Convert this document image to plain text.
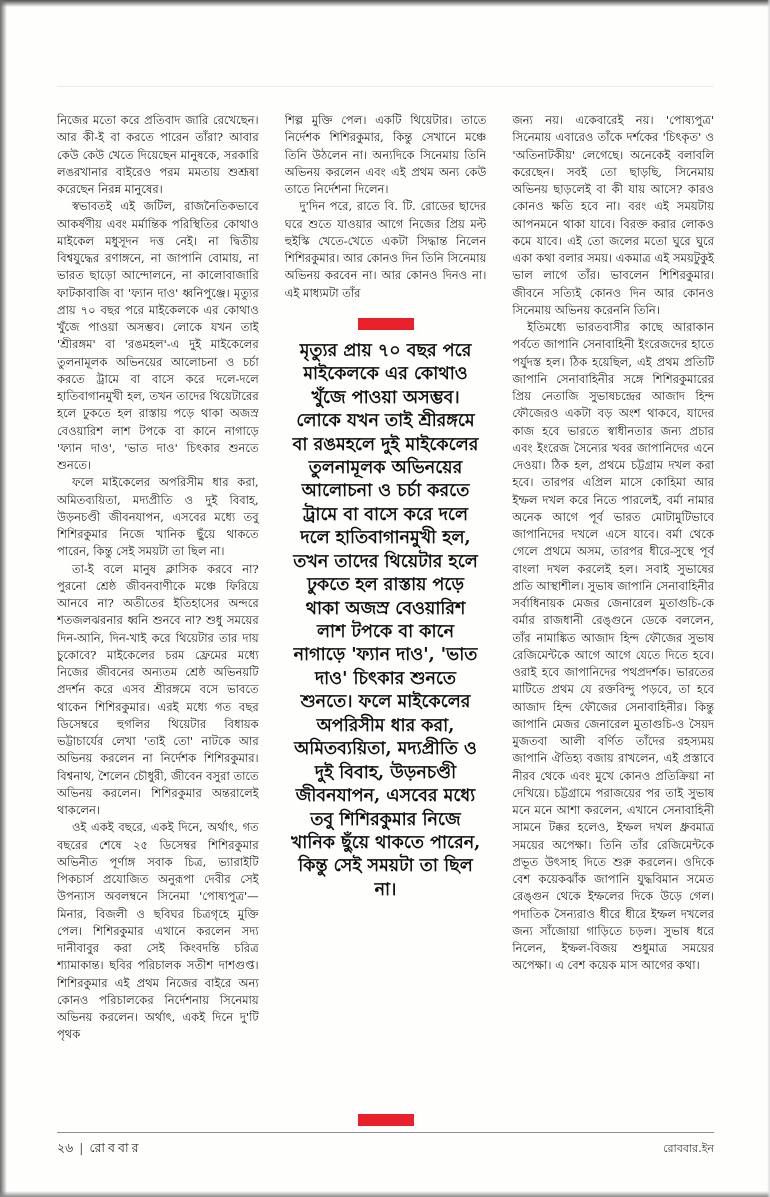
নিজের মতো করে প্রতিবাদ জারি রেখেছেন। আর কী-ই বা করতে পারেন তাঁরা? আবার কেউ কেউ খেতে দিয়েছেন মানুষকে, সরকারি লঙরখানার বাইরেও পরম মমতায় শুশ্রূষা করেছেন নিরন্ন মানুষের।

স্বভাবতই এই জটিল, রাজনৈতিকভাবে আকর্ষণীয় এবং মর্মান্তিক পরিস্থিতির কোথাও মাইকেল মধুসূদন দত্ত নেই। না দ্বিতীয় বিশ্বযুদ্ধের রণাঙ্গনে, না জাপানি বোমায়, না ভারত ছাড়ো আন্দোলনে, না কালোবাজারি ফাটকাবাজি বা 'ফ্যান দাও' ধ্বনিপুঞ্জে। মৃত্যুর প্রায় ৭০ বছর পরে মাইকেলকে এর কোথাও খুঁজে পাওয়া অসম্ভব। লোকে যখন তাই 'শ্রীরঙ্গম' বা 'রঙমহল'-এ দুই মাইকেলের তুলনামূলক অভিনয়ের আলোচনা ও চর্চা করতে ট্রামে বা বাসে করে দলে-দলে হাতিবাগানমুখী হল, তখন তাদের থিয়েটারের হলে ঢুকতে হল রাস্তায় পড়ে থাকা অজস্র বেওয়ারিশ লাশ টপকে বা কানে নাগাড়ে 'ফ্যান দাও', 'ভাত দাও' চিৎকার শুনতে শুনতে।

ফলে মাইকেলের অপরিসীম ধার করা, অমিতব্যয়িতা, মদ্যপ্রীতি ও দুই বিবাহ, উড়নচণ্ডী জীবনযাপন, এসবের মধ্যে তবু শিশিরকুমার নিজে খানিক ছুঁয়ে থাকতে পারেন, কিন্তু সেই সময়টা তা ছিল না।

তা-ই বলে মানুষ ক্লাসিক করবে না? পুরনো শ্রেষ্ঠ জীবনবাণীকে মঞ্চে ফিরিয়ে আনবে না? অতীতের ইতিহাসের অন্দরে শতজলঝরনার ধ্বনি শুনবে না? শুধু সময়ের দিন-আনি, দিন-খাই করে থিয়েটার তার দায় চুকোবে? মাইকেলের চরম ফ্রেমের মধ্যে নিজের জীবনের অন্যতম শ্রেষ্ঠ অভিনয়টি প্রদর্শন করে এসব শ্রীরঙ্গমে বসে ভাবতে থাকেন শিশিরকুমার। এরই মধ্যে গত বছর ডিসেম্বরে হুগলির থিয়েটার বিধায়ক ভট্টাচার্যের লেখা 'তাই তো' নাটকে আর অভিনয় করলেন না নির্দেশক শিশিরকুমার। বিশ্বনাথ, শৈলেন চৌধুরী, জীবেন বসুরা তাতে অভিনয় করলেন। শিশিরকুমার অন্তরালেই থাকলেন।

ওই একই বছরে, একই দিনে, অর্থাৎ, গত বছরের শেষে ২৫ ডিসেম্বর শিশিরকুমার অভিনীত পূর্ণাঙ্গ সবাক চিত্র, ভ্যারাইটি পিকচার্স প্রযোজিত অনুরূপা দেবীর সেই উপন্যাস অবলম্বনে সিনেমা 'পোষ্যপুত্র'— মিনার, বিজলী ও ছবিঘর চিত্রগৃহে মুক্তি পেল। শিশিরকুমার এখানে করলেন সদ্য দানীবাবুর করা সেই কিংবদন্তি চরিত্র শ্যামাকান্ত। ছবির পরিচালক সতীশ দাশগুপ্ত। শিশিরকুমার এই প্রথম নিজের বাইরে অন্য কোনও পরিচালকের নির্দেশনায় সিনেমায় অভিনয় করলেন। অর্থাৎ, একই দিনে দু'টি পৃথক

শিল্প মুক্তি পেল। একটি থিয়েটার। তাতে নির্দেশক শিশিরকুমার, কিন্তু সেখানে মঞ্চে তিনি উঠলেন না। অন্যদিকে সিনেমায় তিনি অভিনয় করলেন এবং এই প্রথম অন্য কেউ তাতে নির্দেশনা দিলেন।

দু'দিন পরে, রাতে বি. টি. রোডের ছাদের ঘরে শুতে যাওয়ার আগে নিজের প্রিয় মল্ট হুইস্কি খেতে-খেতে একটা সিদ্ধান্ত নিলেন শিশিরকুমার। আর কোনও দিন তিনি সিনেমায় অভিনয় করবেন না। আর কোনও দিনও না। এই মাধ্যমটা তাঁর

মৃত্যুর প্রায় ৭০ বছর পরে মাইকেলকে এর কোথাও খুঁজে পাওয়া অসম্ভব। লোকে যখন তাই শ্রীরঙ্গমে বা রঙমহলে দুই মাইকেলের তুলনামূলক অভিনয়ের আলোচনা ও চর্চা করতে ট্রামে বা বাসে করে দলে দলে হাতিবাগানমুখী হল, তখন তাদের থিয়েটার হলে ঢুকতে হল রাস্তায় পড়ে থাকা অজস্র বেওয়ারিশ লাশ টপকে বা কানে নাগাড়ে 'ফ্যান দাও', 'ভাত দাও' চিৎকার শুনতে শুনতে। ফলে মাইকেলের অপরিসীম ধার করা, অমিতব্যয়িতা, মদ্যপ্রীতি ও দুই বিবাহ, উড়নচণ্ডী জীবনযাপন, এসবের মধ্যে তবু শিশিরকুমার নিজে খানিক ছুঁয়ে থাকতে পারেন, কিন্তু সেই সময়টা তা ছিল না।

জন্য নয়। একেবারেই নয়। 'পোষ্যপুত্র' সিনেমায় এবারেও তাঁকে দর্শকের 'চিৎকৃত' ও 'অতিনাটকীয়' লেগেছে। অনেকেই বলাবলি করেছেন। সবই তো ছাড়ছি, সিনেমায় অভিনয় ছাড়লেই বা কী যায় আসে? কারও কোনও ক্ষতি হবে না। বরং এই সময়টায় আপনমনে থাকা যাবে। বিরক্ত করার লোকও কমে যাবে। এই তো জলের মতো ঘুরে ঘুরে একা কথা বলার সময়। একমাত্র এই সময়টুকুই ভাল লাগে তাঁর। ভাবলেন শিশিরকুমার। জীবনে সত্যিই কোনও দিন আর কোনও সিনেমায় অভিনয় করেননি তিনি।

ইতিমধ্যে ভারতবাসীর কাছে আরাকান পর্বতে জাপানি সেনাবাহিনী ইংরেজদের হাতে পর্যুদস্ত হল। ঠিক হয়েছিল, এই প্রথম প্রতিটি জাপানি সেনাবাহিনীর সঙ্গে শিশিরকুমারের প্রিয় নেতাজি সুভাষচন্দ্রের আজাদ হিন্দ ফৌজেরও একটা বড় অংশ থাকবে, যাদের কাজ হবে ভারতে স্বাধীনতার জন্য প্রচার এবং ইংরেজ সৈন্যের খবর জাপানিদের এনে দেওয়া। ঠিক হল, প্রথমে চট্টগ্রাম দখল করা হবে। তারপর এপ্রিল মাসে কোহিমা আর ইম্ফল দখল করে নিতে পারলেই, বর্মা নামার অনেক আগে পূর্ব ভারত মোটামুটিভাবে জাপানিদের দখলে এসে যাবে। বর্মা থেকে গেলে প্রথমে অসম, তারপর ধীরে-সুস্থে পূর্ব বাংলা দখল করলেই হল। সবাই সুভাষের প্রতি আস্থাশীল। সুভাষ জাপানি সেনাবাহিনীর সর্বাধিনায়ক মেজর জেনারেল মুতাগুচি-কে বর্মার রাজধানী রেঙ্গুনে ডেকে বললেন, তাঁর নামাঙ্কিত আজাদ হিন্দ ফৌজের সুভাষ রেজিমেন্টকে আগে আগে যেতে দিতে হবে। ওরাই হবে জাপানিদের পথপ্রদর্শক। ভারতের মাটিতে প্রথম যে রক্তবিন্দু পড়বে, তা হবে আজাদ হিন্দ ফৌজের সেনাবাহিনীর। কিন্তু জাপানি মেজর জেনারেল মুতাগুচি-ও সৈয়দ মুজতবা আলী বর্ণিত তাঁদের রহস্যময় জাপানি ঐতিহ্য বজায় রাখলেন, এই প্রস্তাবে নীরব থেকে এবং মুখে কোনও প্রতিক্রিয়া না দেখিয়ে। চট্টগ্রামে পরাজয়ের পর তাই সুভাষ মনে মনে আশা করলেন, এখানে সেনাবাহিনী সামনে টক্কর হলেও, ইম্ফল দখল ধ্রুবমাত্র সময়ের অপেক্ষা। তিনি তাঁর রেজিমেন্টকে প্রভূত উৎসাহ দিতে শুরু করলেন। ওদিকে বেশ কয়েকঝাঁক জাপানি যুদ্ধবিমান সমেত রেঙ্গুন থেকে ইম্ফলের দিকে উড়ে গেল। পদাতিক সৈন্যরাও ধীরে ধীরে ইম্ফল দখলের জন্য সাঁজোয়া গাড়িতে চড়ল। সুভাষ ধরে নিলেন, ইম্ফল-বিজয় শুধুমাত্র সময়ের অপেক্ষা। এ বেশ কয়েক মাস আগের কথা।

২৬ | রোববার	রোববার.ইন
